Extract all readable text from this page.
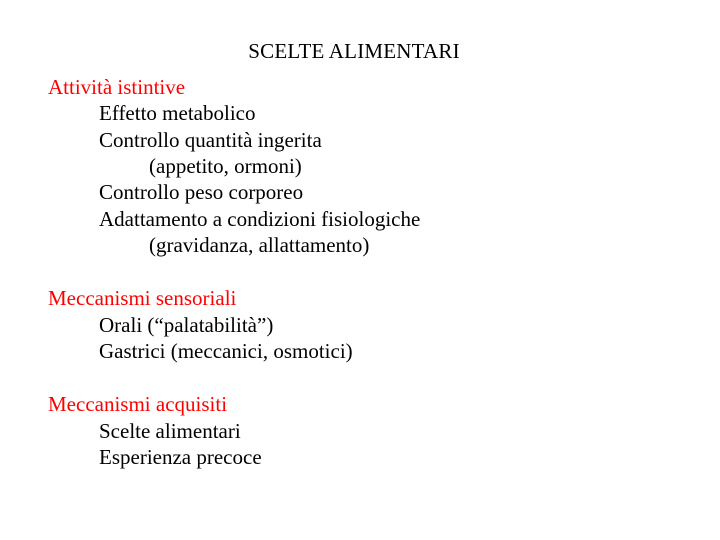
SCELTE ALIMENTARI
Attività istintive
Effetto metabolico
Controllo quantità ingerita
(appetito, ormoni)
Controllo peso corporeo
Adattamento a condizioni fisiologiche
(gravidanza, allattamento)
Meccanismi sensoriali
Orali (“palatabilità”)
Gastrici (meccanici, osmotici)
Meccanismi acquisiti
Scelte alimentari
Esperienza precoce
